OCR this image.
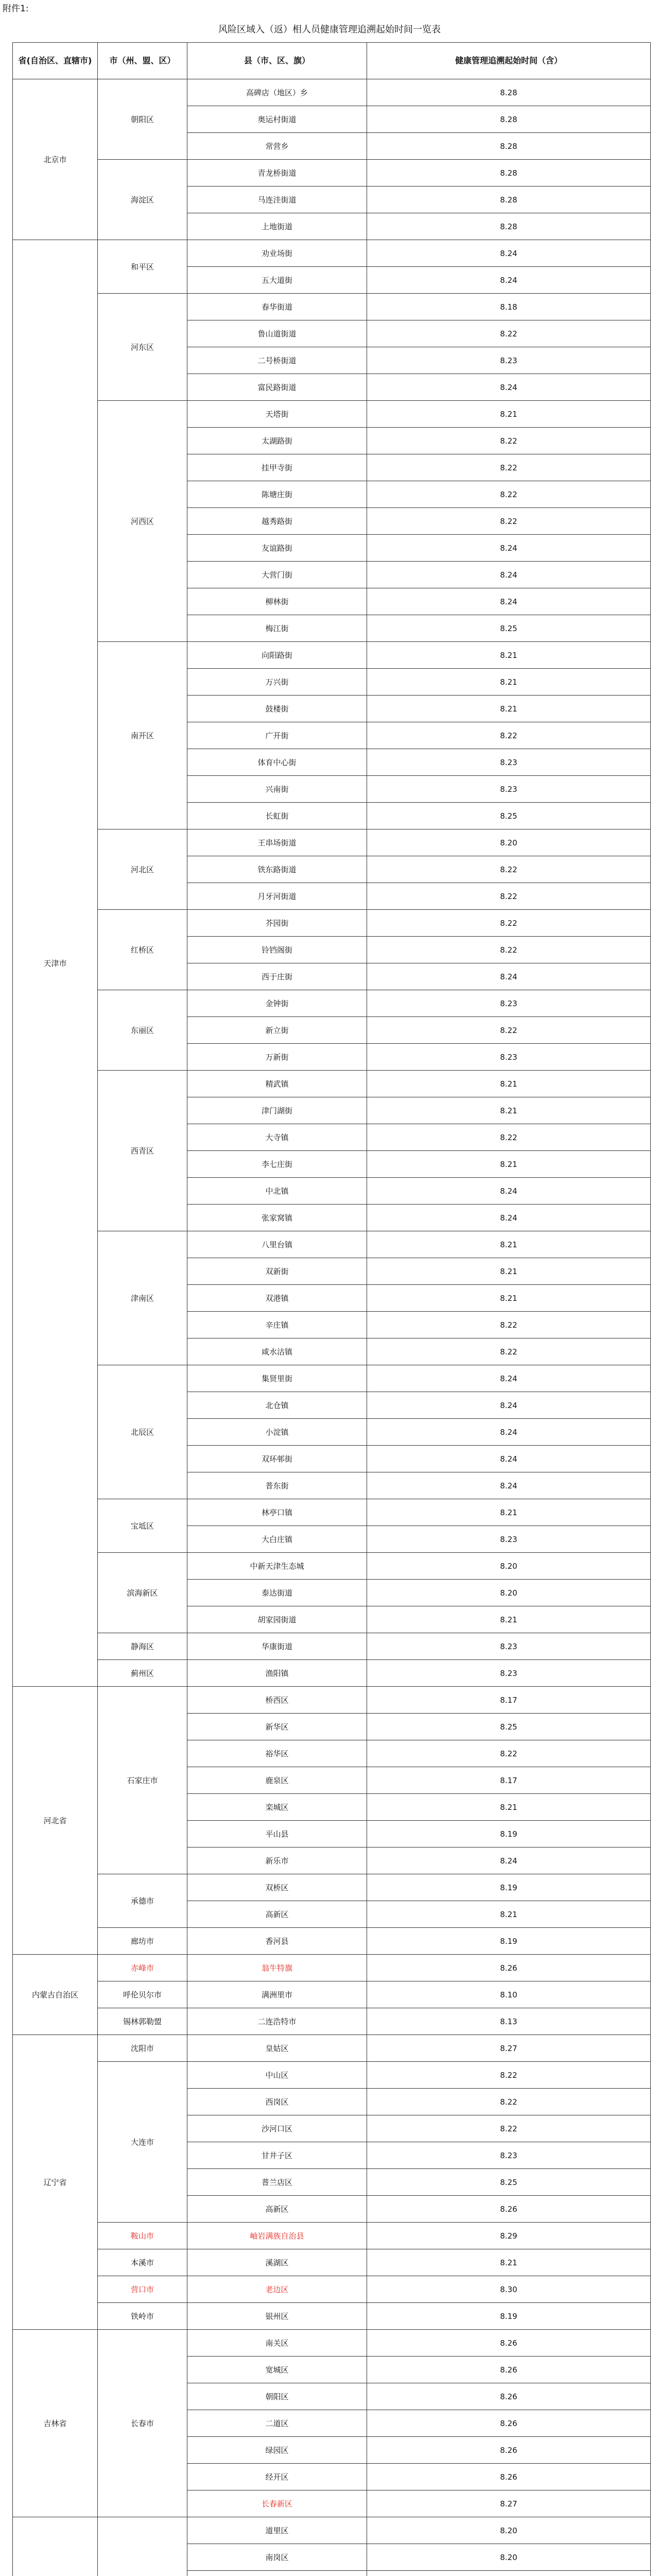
附件1:
风险区域入（返）相人员健康管理追溯起始时间一览表
省(自治区、直辖市)	市（州、盟、区）	县（市、区、旗）	健康管理追溯起始时间（含）
北京市	朝阳区	高碑店（地区）乡	8.28
		奥运村街道	8.28
		常营乡	8.28
	海淀区	青龙桥街道	8.28
		马连洼街道	8.28
		上地街道	8.28
天津市	和平区	劝业场街	8.24
		五大道街	8.24
	河东区	春华街道	8.18
		鲁山道街道	8.22
		二号桥街道	8.23
		富民路街道	8.24
	河西区	天塔街	8.21
		太湖路街	8.22
		挂甲寺街	8.22
		陈塘庄街	8.22
		越秀路街	8.22
		友谊路街	8.24
		大营门街	8.24
		柳林街	8.24
		梅江街	8.25
	南开区	向阳路街	8.21
		万兴街	8.21
		鼓楼街	8.21
		广开街	8.22
		体育中心街	8.23
		兴南街	8.23
		长虹街	8.25
	河北区	王串场街道	8.20
		铁东路街道	8.22
		月牙河街道	8.22
	红桥区	芥园街	8.22
		铃铛阁街	8.22
		西于庄街	8.24
	东丽区	金钟街	8.23
		新立街	8.22
		万新街	8.23
	西青区	精武镇	8.21
		津门湖街	8.21
		大寺镇	8.22
		李七庄街	8.21
		中北镇	8.24
		张家窝镇	8.24
	津南区	八里台镇	8.21
		双新街	8.21
		双港镇	8.21
		辛庄镇	8.22
		咸水沽镇	8.22
	北辰区	集贤里街	8.24
		北仓镇	8.24
		小淀镇	8.24
		双环邨街	8.24
		普东街	8.24
	宝坻区	林亭口镇	8.21
		大白庄镇	8.23
	滨海新区	中新天津生态城	8.20
		泰达街道	8.20
		胡家园街道	8.21
	静海区	华康街道	8.23
	蓟州区	渔阳镇	8.23
河北省	石家庄市	桥西区	8.17
		新华区	8.25
		裕华区	8.22
		鹿泉区	8.17
		栾城区	8.21
		平山县	8.19
		新乐市	8.24
	承德市	双桥区	8.19
		高新区	8.21
	廊坊市	香河县	8.19
内蒙古自治区	赤峰市	翁牛特旗	8.26
	呼伦贝尔市	满洲里市	8.10
	锡林郭勒盟	二连浩特市	8.13
辽宁省	沈阳市	皇姑区	8.27
	大连市	中山区	8.22
		西岗区	8.22
		沙河口区	8.22
		甘井子区	8.23
		普兰店区	8.25
		高新区	8.26
	鞍山市	岫岩满族自治县	8.29
	本溪市	溪湖区	8.21
	营口市	老边区	8.30
	铁岭市	银州区	8.19
吉林省	长春市	南关区	8.26
		宽城区	8.26
		朝阳区	8.26
		二道区	8.26
		绿园区	8.26
		经开区	8.26
		长春新区	8.27
		道里区	8.20
		南岗区	8.20
